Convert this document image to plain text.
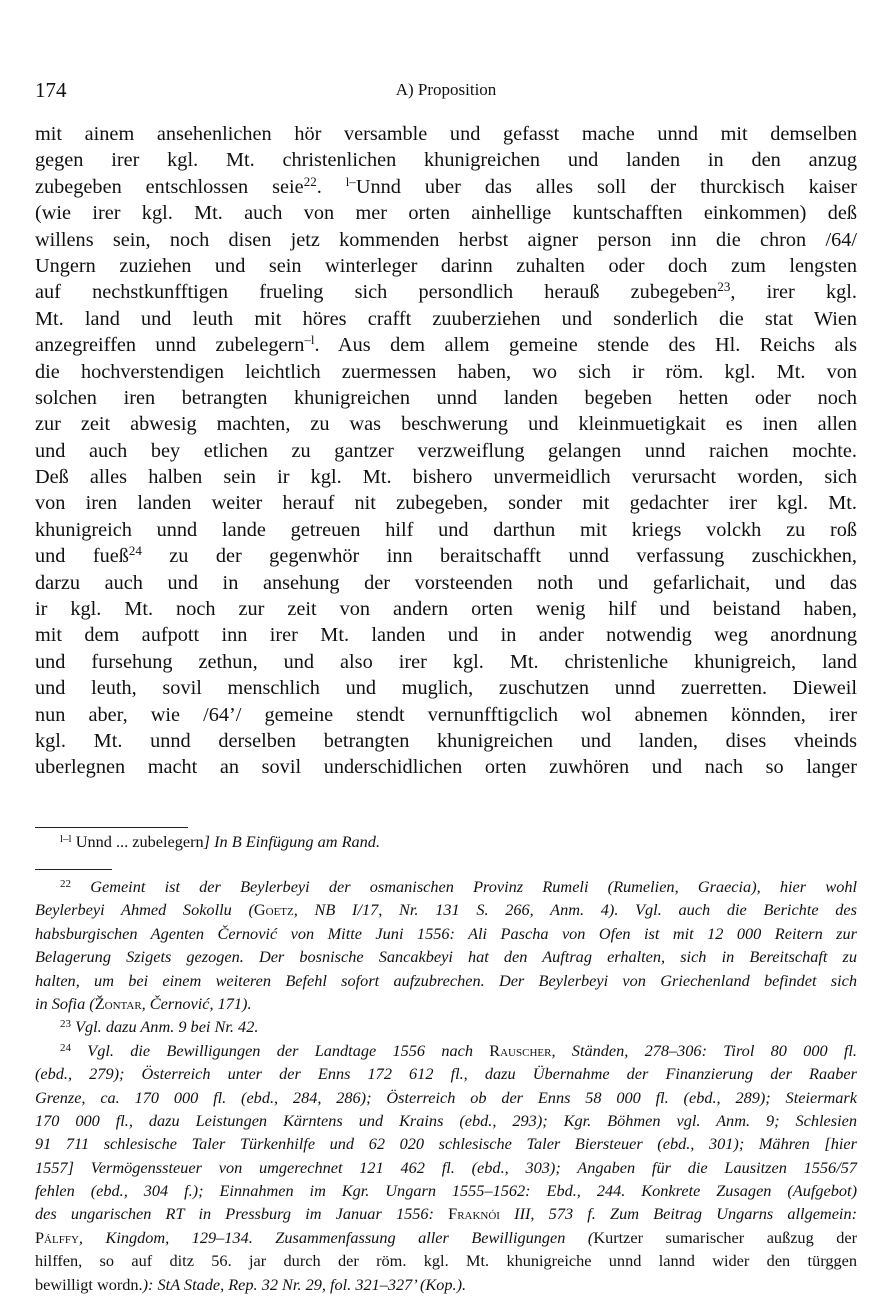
174	A) Proposition
mit ainem ansehenlichen hör versamble und gefasst mache unnd mit demselben
gegen irer kgl. Mt. christenlichen khunigreichen und landen in den anzug
zubegeben entschlossen seie$^{22}$. $^{l-}$Unnd uber das alles soll der thurckisch kaiser
(wie irer kgl. Mt. auch von mer orten ainhellige kuntschafften einkommen) deß
willens sein, noch disen jetz kommenden herbst aigner person inn die chron /64/
Ungern zuziehen und sein winterleger darinn zuhalten oder doch zum lengsten
auf nechstkunfftigen frueling sich persondlich herauß zubegeben$^{23}$, irer kgl.
Mt. land und leuth mit höres crafft zuuberziehen und sonderlich die stat Wien
anzegreiffen unnd zubelegern$^{-l}$. Aus dem allem gemeine stende des Hl. Reichs als
die hochverstendigen leichtlich zuermessen haben, wo sich ir röm. kgl. Mt. von
solchen iren betrangten khunigreichen unnd landen begeben hetten oder noch
zur zeit abwesig machten, zu was beschwerung und kleinmuetigkait es inen allen
und auch bey etlichen zu gantzer verzweiflung gelangen unnd raichen mochte.
Deß alles halben sein ir kgl. Mt. bishero unvermeidlich verursacht worden, sich
von iren landen weiter herauf nit zubegeben, sonder mit gedachter irer kgl. Mt.
khunigreich unnd lande getreuen hilf und darthun mit kriegs volckh zu roß
und fueß$^{24}$ zu der gegenwhör inn beraitschafft unnd verfassung zuschickhen,
darzu auch und in ansehung der vorsteenden noth und gefarlichait, und das
ir kgl. Mt. noch zur zeit von andern orten wenig hilf und beistand haben,
mit dem aufpott inn irer Mt. landen und in ander notwendig weg anordnung
und fursehung zethun, und also irer kgl. Mt. christenliche khunigreich, land
und leuth, sovil menschlich und muglich, zuschutzen unnd zuerretten. Dieweil
nun aber, wie /64’/ gemeine stendt vernunfftigclich wol abnemen könnden, irer
kgl. Mt. unnd derselben betrangten khunigreichen und landen, dises vheinds
uberlegnen macht an sovil underschidlichen orten zuwhören und nach so langer
$^{l-l}$ Unnd ... zubelegern] In B Einfügung am Rand.
$^{22}$ Gemeint ist der Beylerbeyi der osmanischen Provinz Rumeli (Rumelien, Graecia), hier wohl
Beylerbeyi Ahmed Sokollu (Goetz, NB I/17, Nr. 131 S. 266, Anm. 4). Vgl. auch die Berichte des
habsburgischen Agenten Černović von Mitte Juni 1556: Ali Pascha von Ofen ist mit 12 000 Reitern zur
Belagerung Szigets gezogen. Der bosnische Sancakbeyi hat den Auftrag erhalten, sich in Bereitschaft zu
halten, um bei einem weiteren Befehl sofort aufzubrechen. Der Beylerbeyi von Griechenland befindet sich
in Sofia (Žontar, Černović, 171).
$^{23}$ Vgl. dazu Anm. 9 bei Nr. 42.
$^{24}$ Vgl. die Bewilligungen der Landtage 1556 nach Rauscher, Ständen, 278–306: Tirol 80 000 fl.
(ebd., 279); Österreich unter der Enns 172 612 fl., dazu Übernahme der Finanzierung der Raaber
Grenze, ca. 170 000 fl. (ebd., 284, 286); Österreich ob der Enns 58 000 fl. (ebd., 289); Steiermark
170 000 fl., dazu Leistungen Kärntens und Krains (ebd., 293); Kgr. Böhmen vgl. Anm. 9; Schlesien
91 711 schlesische Taler Türkenhilfe und 62 020 schlesische Taler Biersteuer (ebd., 301); Mähren [hier
1557] Vermögenssteuer von umgerechnet 121 462 fl. (ebd., 303); Angaben für die Lausitzen 1556/57
fehlen (ebd., 304 f.); Einnahmen im Kgr. Ungarn 1555–1562: Ebd., 244. Konkrete Zusagen (Aufgebot)
des ungarischen RT in Pressburg im Januar 1556: Fraknói III, 573 f. Zum Beitrag Ungarns allgemein:
Pálffy, Kingdom, 129–134. Zusammenfassung aller Bewilligungen (Kurtzer sumarischer außzug der
hilffen, so auf ditz 56. jar durch der röm. kgl. Mt. khunigreiche unnd lannd wider den türggen
bewilligt wordn.): StA Stade, Rep. 32 Nr. 29, fol. 321–327’ (Kop.).
